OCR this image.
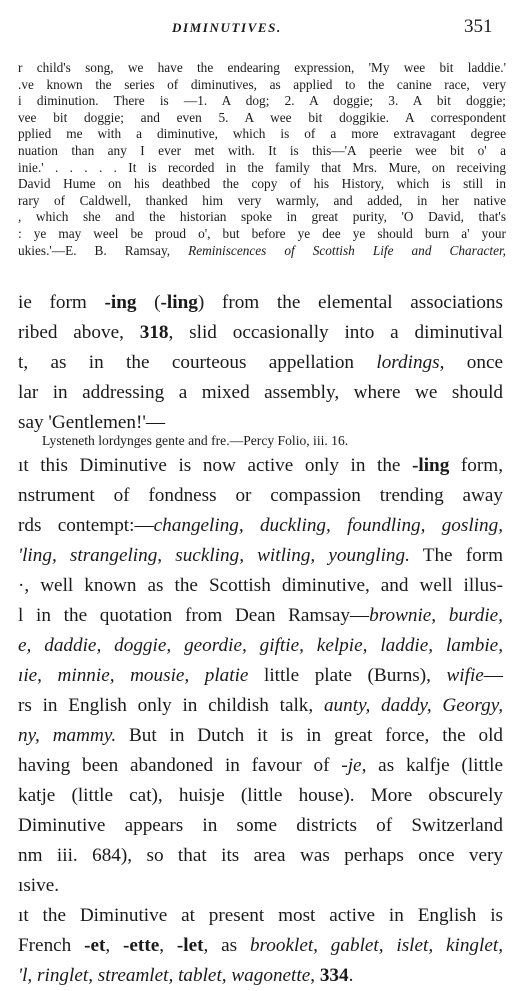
DIMINUTIVES.	351
r child's song, we have the endearing expression, 'My wee bit laddie.'
.ve known the series of diminutives, as applied to the canine race, very
i diminution. There is —1. A dog; 2. A doggie; 3. A bit doggie;
vee bit doggie; and even 5. A wee bit doggikie. A correspondent
pplied me with a diminutive, which is of a more extravagant degree
nuation than any I ever met with. It is this—'A peerie wee bit o' a
inie.' . . . . . It is recorded in the family that Mrs. Mure, on receiving
David Hume on his deathbed the copy of his History, which is still in
rary of Caldwell, thanked him very warmly, and added, in her native
, which she and the historian spoke in great purity, 'O David, that's
: ye may weel be proud o', but before ye dee ye should burn a' your
ukies.'—E. B. Ramsay, Reminiscences of Scottish Life and Character,
ie form -ing (-ling) from the elemental associations
ribed above, 318, slid occasionally into a diminutival
t, as in the courteous appellation lordings, once
lar in addressing a mixed assembly, where we should
say 'Gentlemen!'—
Lysteneth lordynges gente and fre.—Percy Folio, iii. 16.
ıt this Diminutive is now active only in the -ling form,
nstrument of fondness or compassion trending away
rds contempt:—changeling, duckling, foundling, gosling,
'ling, strangeling, suckling, witling, youngling. The form
·, well known as the Scottish diminutive, and well illus-
l in the quotation from Dean Ramsay—brownie, burdie,
e, daddie, doggie, geordie, giftie, kelpie, laddie, lambie,
ıie, minnie, mousie, platie little plate (Burns), wifie—
rs in English only in childish talk, aunty, daddy, Georgy,
ny, mammy. But in Dutch it is in great force, the old
having been abandoned in favour of -je, as kalfje (little
katje (little cat), huisje (little house). More obscurely
Diminutive appears in some districts of Switzerland
nm iii. 684), so that its area was perhaps once very
ısive.
ıt the Diminutive at present most active in English is
French -et, -ette, -let, as brooklet, gablet, islet, kinglet,
'l, ringlet, streamlet, tablet, wagonette, 334.
